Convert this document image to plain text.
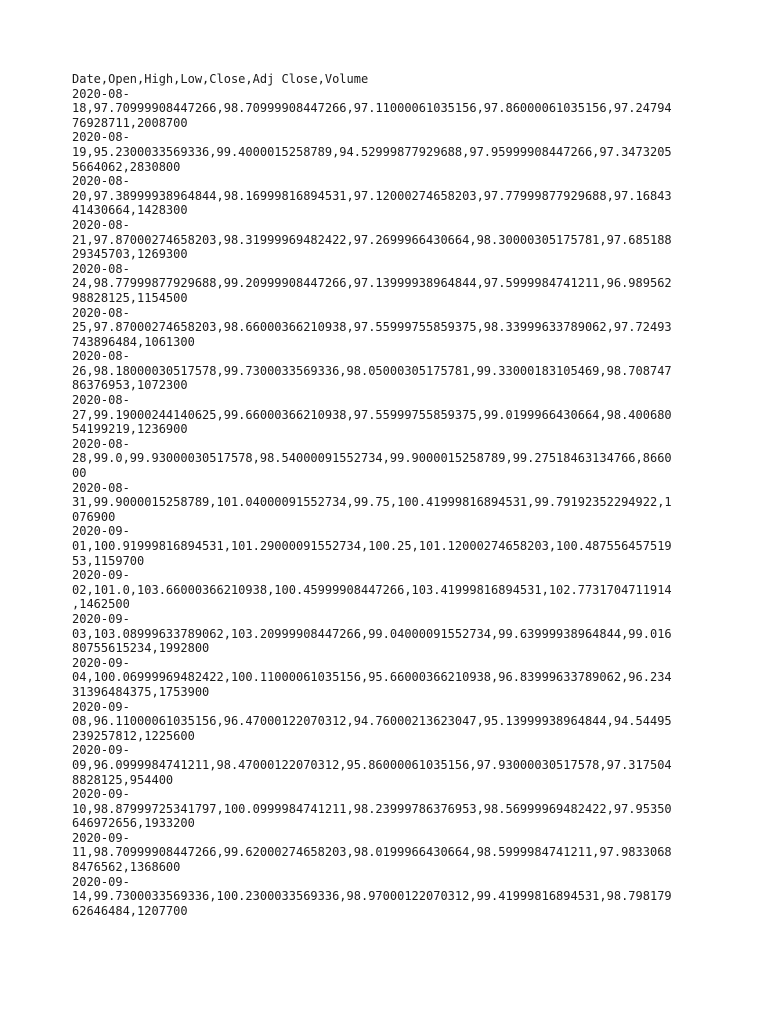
Date,Open,High,Low,Close,Adj Close,Volume
2020-08-
18,97.70999908447266,98.70999908447266,97.11000061035156,97.86000061035156,97.24794
76928711,2008700
2020-08-
19,95.2300033569336,99.4000015258789,94.52999877929688,97.95999908447266,97.3473205
5664062,2830800
2020-08-
20,97.38999938964844,98.16999816894531,97.12000274658203,97.77999877929688,97.16843
41430664,1428300
2020-08-
21,97.87000274658203,98.31999969482422,97.2699966430664,98.30000305175781,97.685188
29345703,1269300
2020-08-
24,98.77999877929688,99.20999908447266,97.13999938964844,97.5999984741211,96.989562
98828125,1154500
2020-08-
25,97.87000274658203,98.66000366210938,97.55999755859375,98.33999633789062,97.72493
743896484,1061300
2020-08-
26,98.18000030517578,99.7300033569336,98.05000305175781,99.33000183105469,98.708747
86376953,1072300
2020-08-
27,99.19000244140625,99.66000366210938,97.55999755859375,99.0199966430664,98.400680
54199219,1236900
2020-08-
28,99.0,99.93000030517578,98.54000091552734,99.9000015258789,99.27518463134766,8660
00
2020-08-
31,99.9000015258789,101.04000091552734,99.75,100.41999816894531,99.79192352294922,1
076900
2020-09-
01,100.91999816894531,101.29000091552734,100.25,101.12000274658203,100.487556457519
53,1159700
2020-09-
02,101.0,103.66000366210938,100.45999908447266,103.41999816894531,102.7731704711914
,1462500
2020-09-
03,103.08999633789062,103.20999908447266,99.04000091552734,99.63999938964844,99.016
80755615234,1992800
2020-09-
04,100.06999969482422,100.11000061035156,95.66000366210938,96.83999633789062,96.234
31396484375,1753900
2020-09-
08,96.11000061035156,96.47000122070312,94.76000213623047,95.13999938964844,94.54495
239257812,1225600
2020-09-
09,96.0999984741211,98.47000122070312,95.86000061035156,97.93000030517578,97.317504
8828125,954400
2020-09-
10,98.87999725341797,100.0999984741211,98.23999786376953,98.56999969482422,97.95350
646972656,1933200
2020-09-
11,98.70999908447266,99.62000274658203,98.0199966430664,98.5999984741211,97.9833068
8476562,1368600
2020-09-
14,99.7300033569336,100.2300033569336,98.97000122070312,99.41999816894531,98.798179
62646484,1207700
